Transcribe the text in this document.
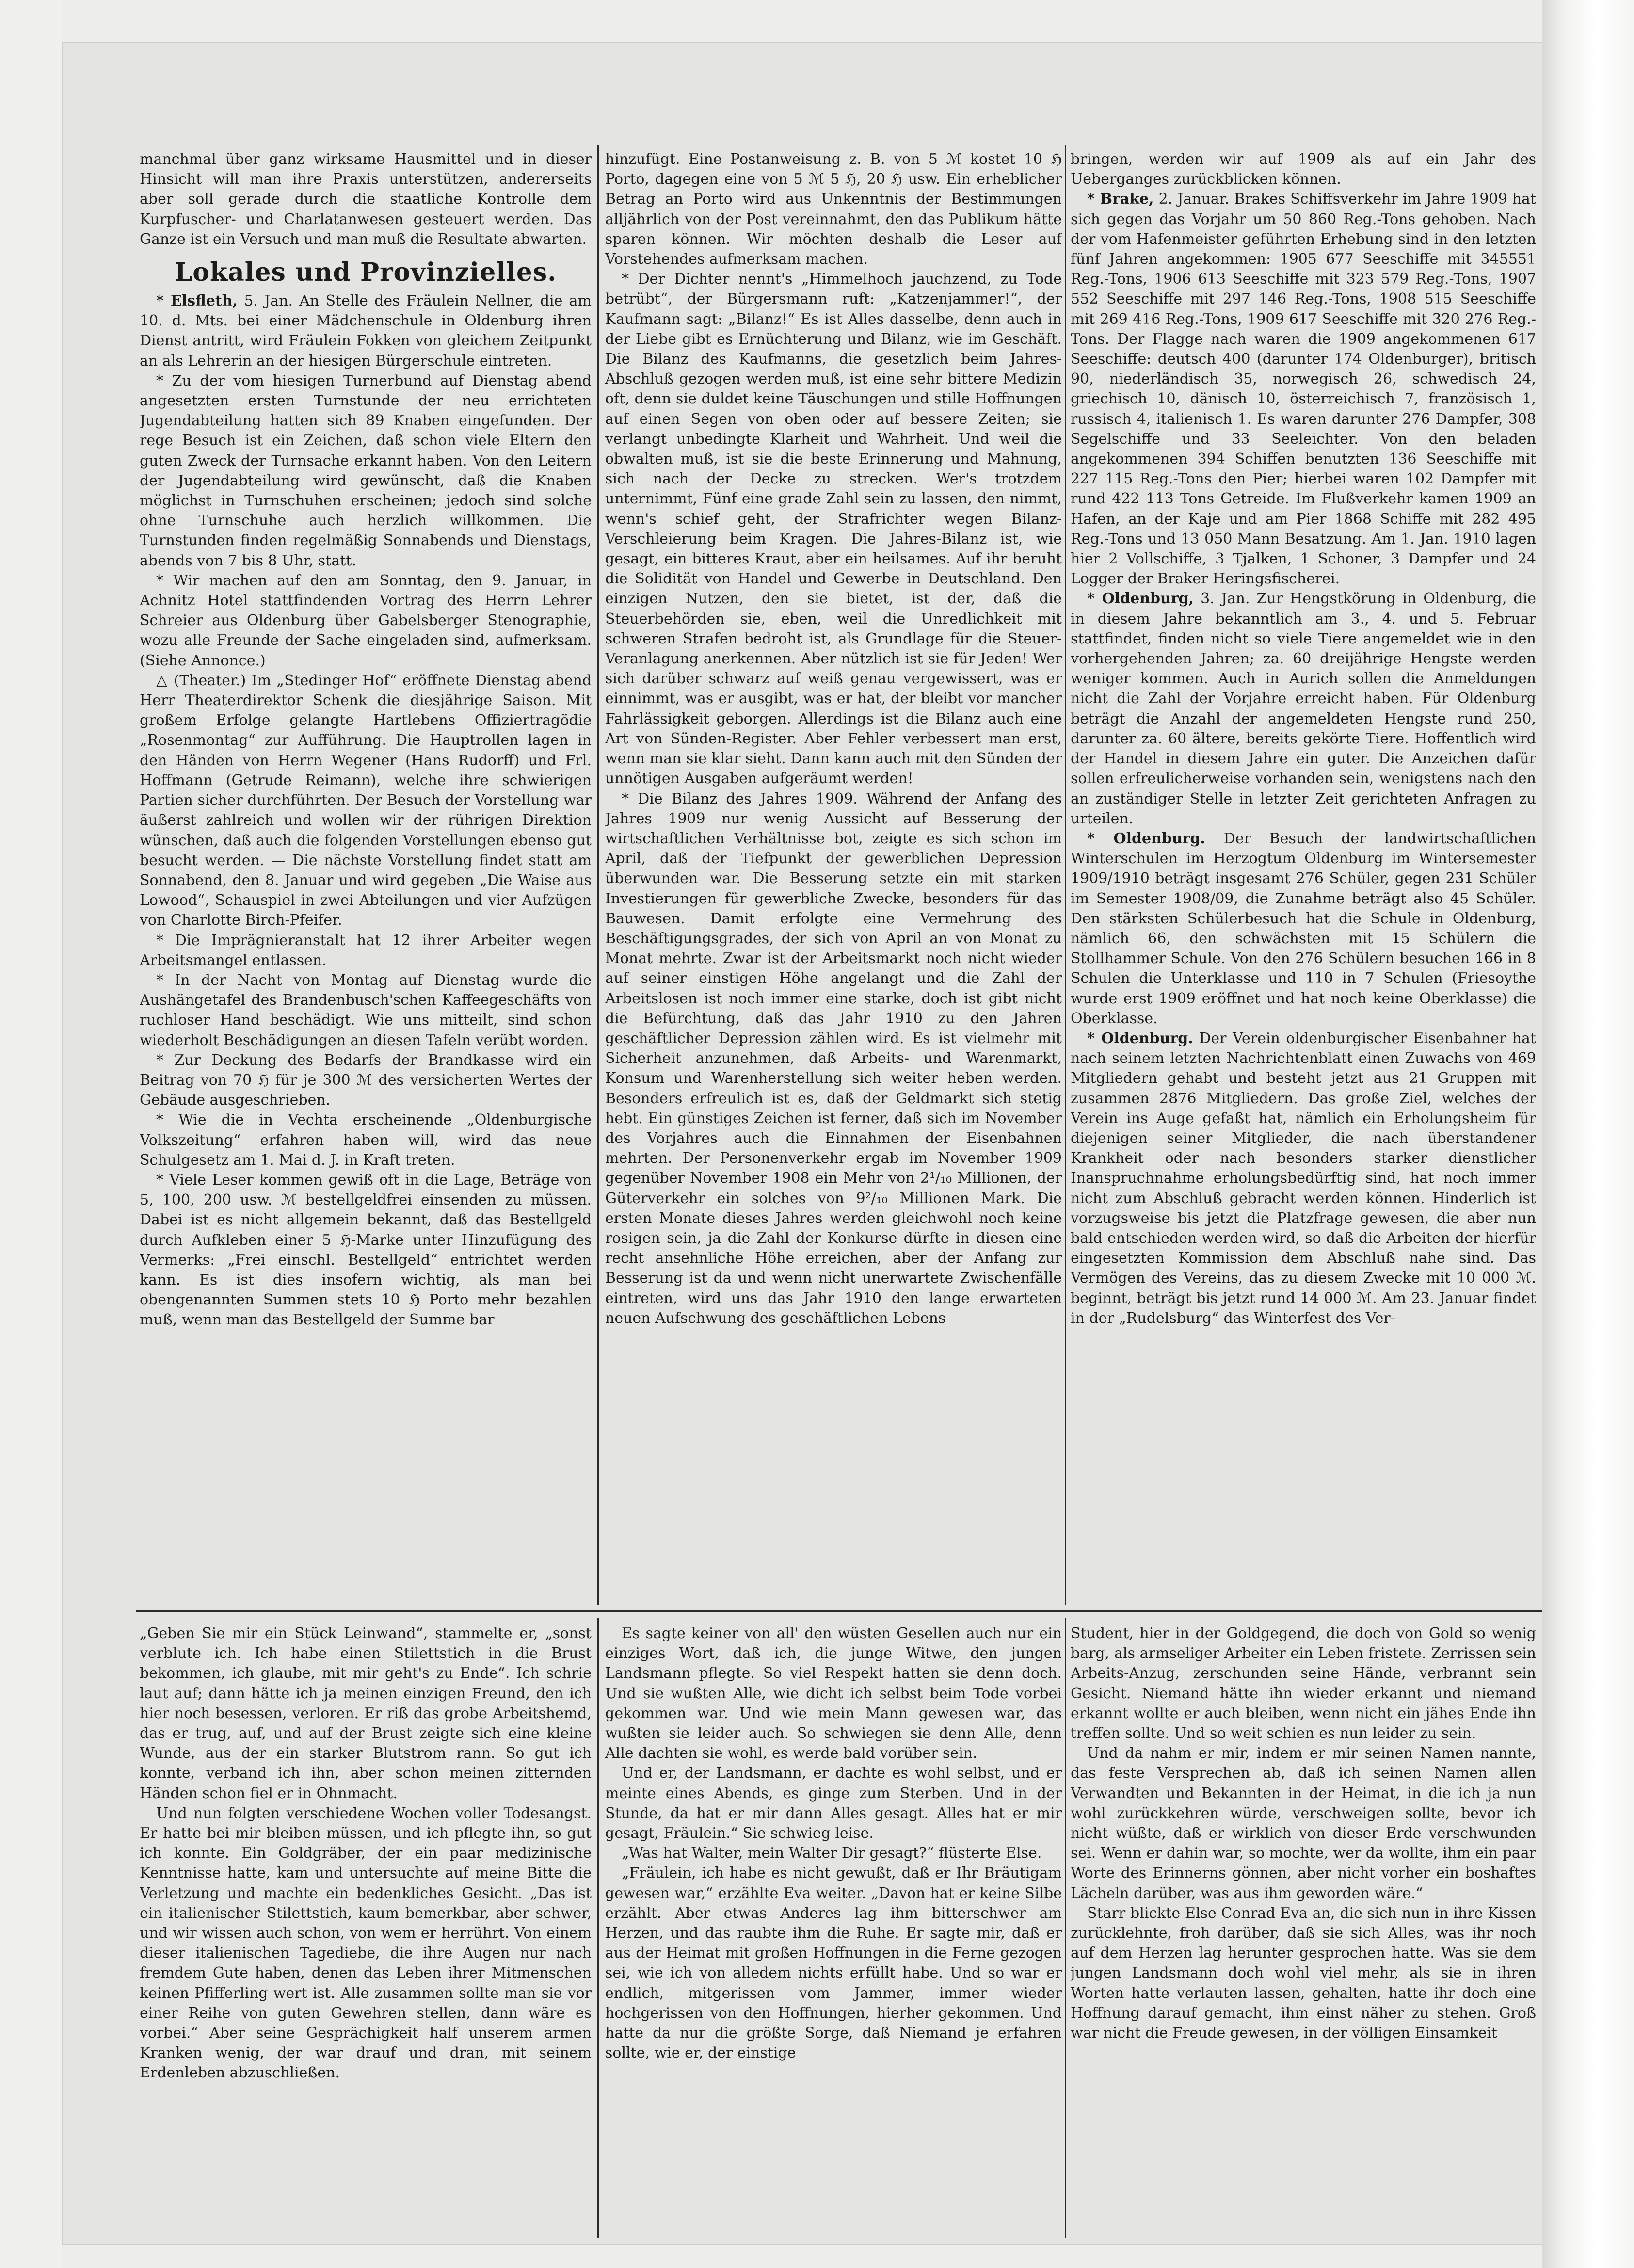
manchmal über ganz wirksame Hausmittel und in dieser Hinsicht will man ihre Praxis unterstützen, andererseits aber soll gerade durch die staatliche Kontrolle dem Kurpfuscher- und Charlatanwesen gesteuert werden. Das Ganze ist ein Versuch und man muß die Resultate abwarten.

Lokales und Provinzielles.

* Elsfleth, 5. Jan. An Stelle des Fräulein Nellner, die am 10. d. Mts. bei einer Mädchenschule in Oldenburg ihren Dienst antritt, wird Fräulein Fokken von gleichem Zeitpunkt an als Lehrerin an der hiesigen Bürgerschule eintreten.

* Zu der vom hiesigen Turnerbund auf Dienstag abend angesetzten ersten Turnstunde der neu errichteten Jugendabteilung hatten sich 89 Knaben eingefunden. Der rege Besuch ist ein Zeichen, daß schon viele Eltern den guten Zweck der Turnsache erkannt haben. Von den Leitern der Jugendabteilung wird gewünscht, daß die Knaben möglichst in Turnschuhen erscheinen; jedoch sind solche ohne Turnschuhe auch herzlich willkommen. Die Turnstunden finden regelmäßig Sonnabends und Dienstags, abends von 7 bis 8 Uhr, statt.

* Wir machen auf den am Sonntag, den 9. Januar, in Achnitz Hotel stattfindenden Vortrag des Herrn Lehrer Schreier aus Oldenburg über Gabelsberger Stenographie, wozu alle Freunde der Sache eingeladen sind, aufmerksam. (Siehe Annonce.)

△ (Theater.) Im „Stedinger Hof“ eröffnete Dienstag abend Herr Theaterdirektor Schenk die diesjährige Saison. Mit großem Erfolge gelangte Hartlebens Offiziertragödie „Rosenmontag“ zur Aufführung. Die Hauptrollen lagen in den Händen von Herrn Wegener (Hans Rudorff) und Frl. Hoffmann (Getrude Reimann), welche ihre schwierigen Partien sicher durchführten. Der Besuch der Vorstellung war äußerst zahlreich und wollen wir der rührigen Direktion wünschen, daß auch die folgenden Vorstellungen ebenso gut besucht werden. — Die nächste Vorstellung findet statt am Sonnabend, den 8. Januar und wird gegeben „Die Waise aus Lowood“, Schauspiel in zwei Abteilungen und vier Aufzügen von Charlotte Birch-Pfeifer.

* Die Imprägnieranstalt hat 12 ihrer Arbeiter wegen Arbeitsmangel entlassen.

* In der Nacht von Montag auf Dienstag wurde die Aushängetafel des Brandenbusch'schen Kaffeegeschäfts von ruchloser Hand beschädigt. Wie uns mitteilt, sind schon wiederholt Beschädigungen an diesen Tafeln verübt worden.

* Zur Deckung des Bedarfs der Brandkasse wird ein Beitrag von 70 ℌ für je 300 ℳ des versicherten Wertes der Gebäude ausgeschrieben.

* Wie die in Vechta erscheinende „Oldenburgische Volkszeitung“ erfahren haben will, wird das neue Schulgesetz am 1. Mai d. J. in Kraft treten.

* Viele Leser kommen gewiß oft in die Lage, Beträge von 5, 100, 200 usw. ℳ bestellgeldfrei einsenden zu müssen. Dabei ist es nicht allgemein bekannt, daß das Bestellgeld durch Aufkleben einer 5 ℌ-Marke unter Hinzufügung des Vermerks: „Frei einschl. Bestellgeld“ entrichtet werden kann. Es ist dies insofern wichtig, als man bei obengenannten Summen stets 10 ℌ Porto mehr bezahlen muß, wenn man das Bestellgeld der Summe bar

hinzufügt. Eine Postanweisung z. B. von 5 ℳ kostet 10 ℌ Porto, dagegen eine von 5 ℳ 5 ℌ, 20 ℌ usw. Ein erheblicher Betrag an Porto wird aus Unkenntnis der Bestimmungen alljährlich von der Post vereinnahmt, den das Publikum hätte sparen können. Wir möchten deshalb die Leser auf Vorstehendes aufmerksam machen.

* Der Dichter nennt's „Himmelhoch jauchzend, zu Tode betrübt“, der Bürgersmann ruft: „Katzenjammer!“, der Kaufmann sagt: „Bilanz!“ Es ist Alles dasselbe, denn auch in der Liebe gibt es Ernüchterung und Bilanz, wie im Geschäft. Die Bilanz des Kaufmanns, die gesetzlich beim Jahres-Abschluß gezogen werden muß, ist eine sehr bittere Medizin oft, denn sie duldet keine Täuschungen und stille Hoffnungen auf einen Segen von oben oder auf bessere Zeiten; sie verlangt unbedingte Klarheit und Wahrheit. Und weil die obwalten muß, ist sie die beste Erinnerung und Mahnung, sich nach der Decke zu strecken. Wer's trotzdem unternimmt, Fünf eine grade Zahl sein zu lassen, den nimmt, wenn's schief geht, der Strafrichter wegen Bilanz-Verschleierung beim Kragen. Die Jahres-Bilanz ist, wie gesagt, ein bitteres Kraut, aber ein heilsames. Auf ihr beruht die Solidität von Handel und Gewerbe in Deutschland. Den einzigen Nutzen, den sie bietet, ist der, daß die Steuerbehörden sie, eben, weil die Unredlichkeit mit schweren Strafen bedroht ist, als Grundlage für die Steuer-Veranlagung anerkennen. Aber nützlich ist sie für Jeden! Wer sich darüber schwarz auf weiß genau vergewissert, was er einnimmt, was er ausgibt, was er hat, der bleibt vor mancher Fahrlässigkeit geborgen. Allerdings ist die Bilanz auch eine Art von Sünden-Register. Aber Fehler verbessert man erst, wenn man sie klar sieht. Dann kann auch mit den Sünden der unnötigen Ausgaben aufgeräumt werden!

* Die Bilanz des Jahres 1909. Während der Anfang des Jahres 1909 nur wenig Aussicht auf Besserung der wirtschaftlichen Verhältnisse bot, zeigte es sich schon im April, daß der Tiefpunkt der gewerblichen Depression überwunden war. Die Besserung setzte ein mit starken Investierungen für gewerbliche Zwecke, besonders für das Bauwesen. Damit erfolgte eine Vermehrung des Beschäftigungsgrades, der sich von April an von Monat zu Monat mehrte. Zwar ist der Arbeitsmarkt noch nicht wieder auf seiner einstigen Höhe angelangt und die Zahl der Arbeitslosen ist noch immer eine starke, doch ist gibt nicht die Befürchtung, daß das Jahr 1910 zu den Jahren geschäftlicher Depression zählen wird. Es ist vielmehr mit Sicherheit anzunehmen, daß Arbeits- und Warenmarkt, Konsum und Warenherstellung sich weiter heben werden. Besonders erfreulich ist es, daß der Geldmarkt sich stetig hebt. Ein günstiges Zeichen ist ferner, daß sich im November des Vorjahres auch die Einnahmen der Eisenbahnen mehrten. Der Personenverkehr ergab im November 1909 gegenüber November 1908 ein Mehr von 2¹/₁₀ Millionen, der Güterverkehr ein solches von 9²/₁₀ Millionen Mark. Die ersten Monate dieses Jahres werden gleichwohl noch keine rosigen sein, ja die Zahl der Konkurse dürfte in diesen eine recht ansehnliche Höhe erreichen, aber der Anfang zur Besserung ist da und wenn nicht unerwartete Zwischenfälle eintreten, wird uns das Jahr 1910 den lange erwarteten neuen Aufschwung des geschäftlichen Lebens

bringen, werden wir auf 1909 als auf ein Jahr des Ueberganges zurückblicken können.

* Brake, 2. Januar. Brakes Schiffsverkehr im Jahre 1909 hat sich gegen das Vorjahr um 50 860 Reg.-Tons gehoben. Nach der vom Hafenmeister geführten Erhebung sind in den letzten fünf Jahren angekommen: 1905 677 Seeschiffe mit 345551 Reg.-Tons, 1906 613 Seeschiffe mit 323 579 Reg.-Tons, 1907 552 Seeschiffe mit 297 146 Reg.-Tons, 1908 515 Seeschiffe mit 269 416 Reg.-Tons, 1909 617 Seeschiffe mit 320 276 Reg.-Tons. Der Flagge nach waren die 1909 angekommenen 617 Seeschiffe: deutsch 400 (darunter 174 Oldenburger), britisch 90, niederländisch 35, norwegisch 26, schwedisch 24, griechisch 10, dänisch 10, österreichisch 7, französisch 1, russisch 4, italienisch 1. Es waren darunter 276 Dampfer, 308 Segelschiffe und 33 Seeleichter. Von den beladen angekommenen 394 Schiffen benutzten 136 Seeschiffe mit 227 115 Reg.-Tons den Pier; hierbei waren 102 Dampfer mit rund 422 113 Tons Getreide. Im Flußverkehr kamen 1909 an Hafen, an der Kaje und am Pier 1868 Schiffe mit 282 495 Reg.-Tons und 13 050 Mann Besatzung. Am 1. Jan. 1910 lagen hier 2 Vollschiffe, 3 Tjalken, 1 Schoner, 3 Dampfer und 24 Logger der Braker Heringsfischerei.

* Oldenburg, 3. Jan. Zur Hengstkörung in Oldenburg, die in diesem Jahre bekanntlich am 3., 4. und 5. Februar stattfindet, finden nicht so viele Tiere angemeldet wie in den vorhergehenden Jahren; za. 60 dreijährige Hengste werden weniger kommen. Auch in Aurich sollen die Anmeldungen nicht die Zahl der Vorjahre erreicht haben. Für Oldenburg beträgt die Anzahl der angemeldeten Hengste rund 250, darunter za. 60 ältere, bereits gekörte Tiere. Hoffentlich wird der Handel in diesem Jahre ein guter. Die Anzeichen dafür sollen erfreulicherweise vorhanden sein, wenigstens nach den an zuständiger Stelle in letzter Zeit gerichteten Anfragen zu urteilen.

* Oldenburg. Der Besuch der landwirtschaftlichen Winterschulen im Herzogtum Oldenburg im Wintersemester 1909/1910 beträgt insgesamt 276 Schüler, gegen 231 Schüler im Semester 1908/09, die Zunahme beträgt also 45 Schüler. Den stärksten Schülerbesuch hat die Schule in Oldenburg, nämlich 66, den schwächsten mit 15 Schülern die Stollhammer Schule. Von den 276 Schülern besuchen 166 in 8 Schulen die Unterklasse und 110 in 7 Schulen (Friesoythe wurde erst 1909 eröffnet und hat noch keine Oberklasse) die Oberklasse.

* Oldenburg. Der Verein oldenburgischer Eisenbahner hat nach seinem letzten Nachrichtenblatt einen Zuwachs von 469 Mitgliedern gehabt und besteht jetzt aus 21 Gruppen mit zusammen 2876 Mitgliedern. Das große Ziel, welches der Verein ins Auge gefaßt hat, nämlich ein Erholungsheim für diejenigen seiner Mitglieder, die nach überstandener Krankheit oder nach besonders starker dienstlicher Inanspruchnahme erholungsbedürftig sind, hat noch immer nicht zum Abschluß gebracht werden können. Hinderlich ist vorzugsweise bis jetzt die Platzfrage gewesen, die aber nun bald entschieden werden wird, so daß die Arbeiten der hierfür eingesetzten Kommission dem Abschluß nahe sind. Das Vermögen des Vereins, das zu diesem Zwecke mit 10 000 ℳ. beginnt, beträgt bis jetzt rund 14 000 ℳ. Am 23. Januar findet in der „Rudelsburg“ das Winterfest des Ver-

„Geben Sie mir ein Stück Leinwand“, stammelte er, „sonst verblute ich. Ich habe einen Stilettstich in die Brust bekommen, ich glaube, mit mir geht's zu Ende“. Ich schrie laut auf; dann hätte ich ja meinen einzigen Freund, den ich hier noch besessen, verloren. Er riß das grobe Arbeitshemd, das er trug, auf, und auf der Brust zeigte sich eine kleine Wunde, aus der ein starker Blutstrom rann. So gut ich konnte, verband ich ihn, aber schon meinen zitternden Händen schon fiel er in Ohnmacht.

Und nun folgten verschiedene Wochen voller Todesangst. Er hatte bei mir bleiben müssen, und ich pflegte ihn, so gut ich konnte. Ein Goldgräber, der ein paar medizinische Kenntnisse hatte, kam und untersuchte auf meine Bitte die Verletzung und machte ein bedenkliches Gesicht. „Das ist ein italienischer Stilettstich, kaum bemerkbar, aber schwer, und wir wissen auch schon, von wem er herrührt. Von einem dieser italienischen Tagediebe, die ihre Augen nur nach fremdem Gute haben, denen das Leben ihrer Mitmenschen keinen Pfifferling wert ist. Alle zusammen sollte man sie vor einer Reihe von guten Gewehren stellen, dann wäre es vorbei.“ Aber seine Gesprächigkeit half unserem armen Kranken wenig, der war drauf und dran, mit seinem Erdenleben abzuschließen.

Es sagte keiner von all' den wüsten Gesellen auch nur ein einziges Wort, daß ich, die junge Witwe, den jungen Landsmann pflegte. So viel Respekt hatten sie denn doch. Und sie wußten Alle, wie dicht ich selbst beim Tode vorbei gekommen war. Und wie mein Mann gewesen war, das wußten sie leider auch. So schwiegen sie denn Alle, denn Alle dachten sie wohl, es werde bald vorüber sein.

Und er, der Landsmann, er dachte es wohl selbst, und er meinte eines Abends, es ginge zum Sterben. Und in der Stunde, da hat er mir dann Alles gesagt. Alles hat er mir gesagt, Fräulein.“ Sie schwieg leise.

„Was hat Walter, mein Walter Dir gesagt?“ flüsterte Else.

„Fräulein, ich habe es nicht gewußt, daß er Ihr Bräutigam gewesen war,“ erzählte Eva weiter. „Davon hat er keine Silbe erzählt. Aber etwas Anderes lag ihm bitterschwer am Herzen, und das raubte ihm die Ruhe. Er sagte mir, daß er aus der Heimat mit großen Hoffnungen in die Ferne gezogen sei, wie ich von alledem nichts erfüllt habe. Und so war er endlich, mitgerissen vom Jammer, immer wieder hochgerissen von den Hoffnungen, hierher gekommen. Und hatte da nur die größte Sorge, daß Niemand je erfahren sollte, wie er, der einstige

Student, hier in der Goldgegend, die doch von Gold so wenig barg, als armseliger Arbeiter ein Leben fristete. Zerrissen sein Arbeits-Anzug, zerschunden seine Hände, verbrannt sein Gesicht. Niemand hätte ihn wieder erkannt und niemand erkannt wollte er auch bleiben, wenn nicht ein jähes Ende ihn treffen sollte. Und so weit schien es nun leider zu sein.

Und da nahm er mir, indem er mir seinen Namen nannte, das feste Versprechen ab, daß ich seinen Namen allen Verwandten und Bekannten in der Heimat, in die ich ja nun wohl zurückkehren würde, verschweigen sollte, bevor ich nicht wüßte, daß er wirklich von dieser Erde verschwunden sei. Wenn er dahin war, so mochte, wer da wollte, ihm ein paar Worte des Erinnerns gönnen, aber nicht vorher ein boshaftes Lächeln darüber, was aus ihm geworden wäre.“

Starr blickte Else Conrad Eva an, die sich nun in ihre Kissen zurücklehnte, froh darüber, daß sie sich Alles, was ihr noch auf dem Herzen lag herunter gesprochen hatte. Was sie dem jungen Landsmann doch wohl viel mehr, als sie in ihren Worten hatte verlauten lassen, gehalten, hatte ihr doch eine Hoffnung darauf gemacht, ihm einst näher zu stehen. Groß war nicht die Freude gewesen, in der völligen Einsamkeit
